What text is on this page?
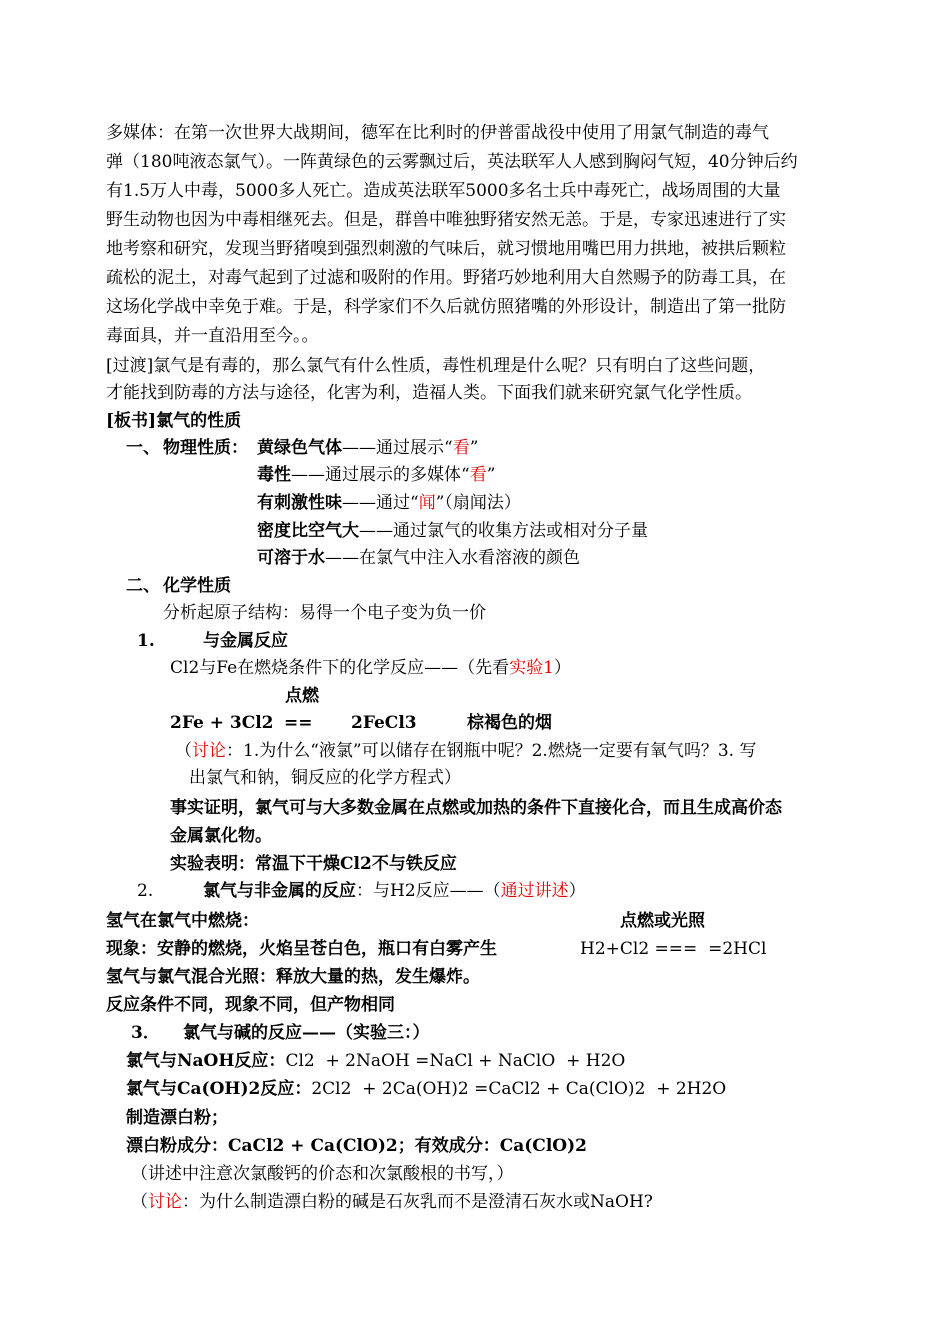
多媒体：在第一次世界大战期间，德军在比利时的伊普雷战役中使用了用氯气制造的毒气
弹（180吨液态氯气）。一阵黄绿色的云雾飘过后，英法联军人人感到胸闷气短，40分钟后约
有1.5万人中毒，5000多人死亡。造成英法联军5000多名士兵中毒死亡，战场周围的大量
野生动物也因为中毒相继死去。但是，群兽中唯独野猪安然无恙。于是，专家迅速进行了实
地考察和研究，发现当野猪嗅到强烈刺激的气味后，就习惯地用嘴巴用力拱地，被拱后颗粒
疏松的泥土，对毒气起到了过滤和吸附的作用。野猪巧妙地利用大自然赐予的防毒工具，在
这场化学战中幸免于难。于是，科学家们不久后就仿照猪嘴的外形设计，制造出了第一批防
毒面具，并一直沿用至今。。
[过渡]氯气是有毒的，那么氯气有什么性质，毒性机理是什么呢？只有明白了这些问题，
才能找到防毒的方法与途径，化害为利，造福人类。下面我们就来研究氯气化学性质。
[板书]氯气的性质
一、 物理性质： 黄绿色气体——通过展示“看”
毒性——通过展示的多媒体“看”
有刺激性味——通过“闻”（扇闻法）
密度比空气大——通过氯气的收集方法或相对分子量
可溶于水——在氯气中注入水看溶液的颜色
二、 化学性质
分析起原子结构：易得一个电子变为负一价
1.	与金属反应
Cl2与Fe在燃烧条件下的化学反应——（先看实验1）
点燃
2Fe + 3Cl2 == 2FeCl3	棕褐色的烟
（讨论：1.为什么“液氯”可以储存在钢瓶中呢？2.燃烧一定要有氧气吗？3. 写
出氯气和钠，铜反应的化学方程式）
事实证明，氯气可与大多数金属在点燃或加热的条件下直接化合，而且生成高价态
金属氯化物。
实验表明：常温下干燥Cl2不与铁反应
2.	氯气与非金属的反应：与H2反应——（通过讲述）
氢气在氯气中燃烧：	点燃或光照
现象：安静的燃烧，火焰呈苍白色，瓶口有白雾产生	H2+Cl2 ===  =2HCl
氢气与氯气混合光照：释放大量的热，发生爆炸。
反应条件不同，现象不同，但产物相同
3． 氯气与碱的反应——（实验三：）
氯气与NaOH反应：Cl2  + 2NaOH =NaCl + NaClO  + H2O
氯气与Ca(OH)2反应：2Cl2  + 2Ca(OH)2 =CaCl2 + Ca(ClO)2  + 2H2O
制造漂白粉；
漂白粉成分：CaCl2 + Ca(ClO)2；有效成分：Ca(ClO)2
（讲述中注意次氯酸钙的价态和次氯酸根的书写，）
（讨论：为什么制造漂白粉的碱是石灰乳而不是澄清石灰水或NaOH?
